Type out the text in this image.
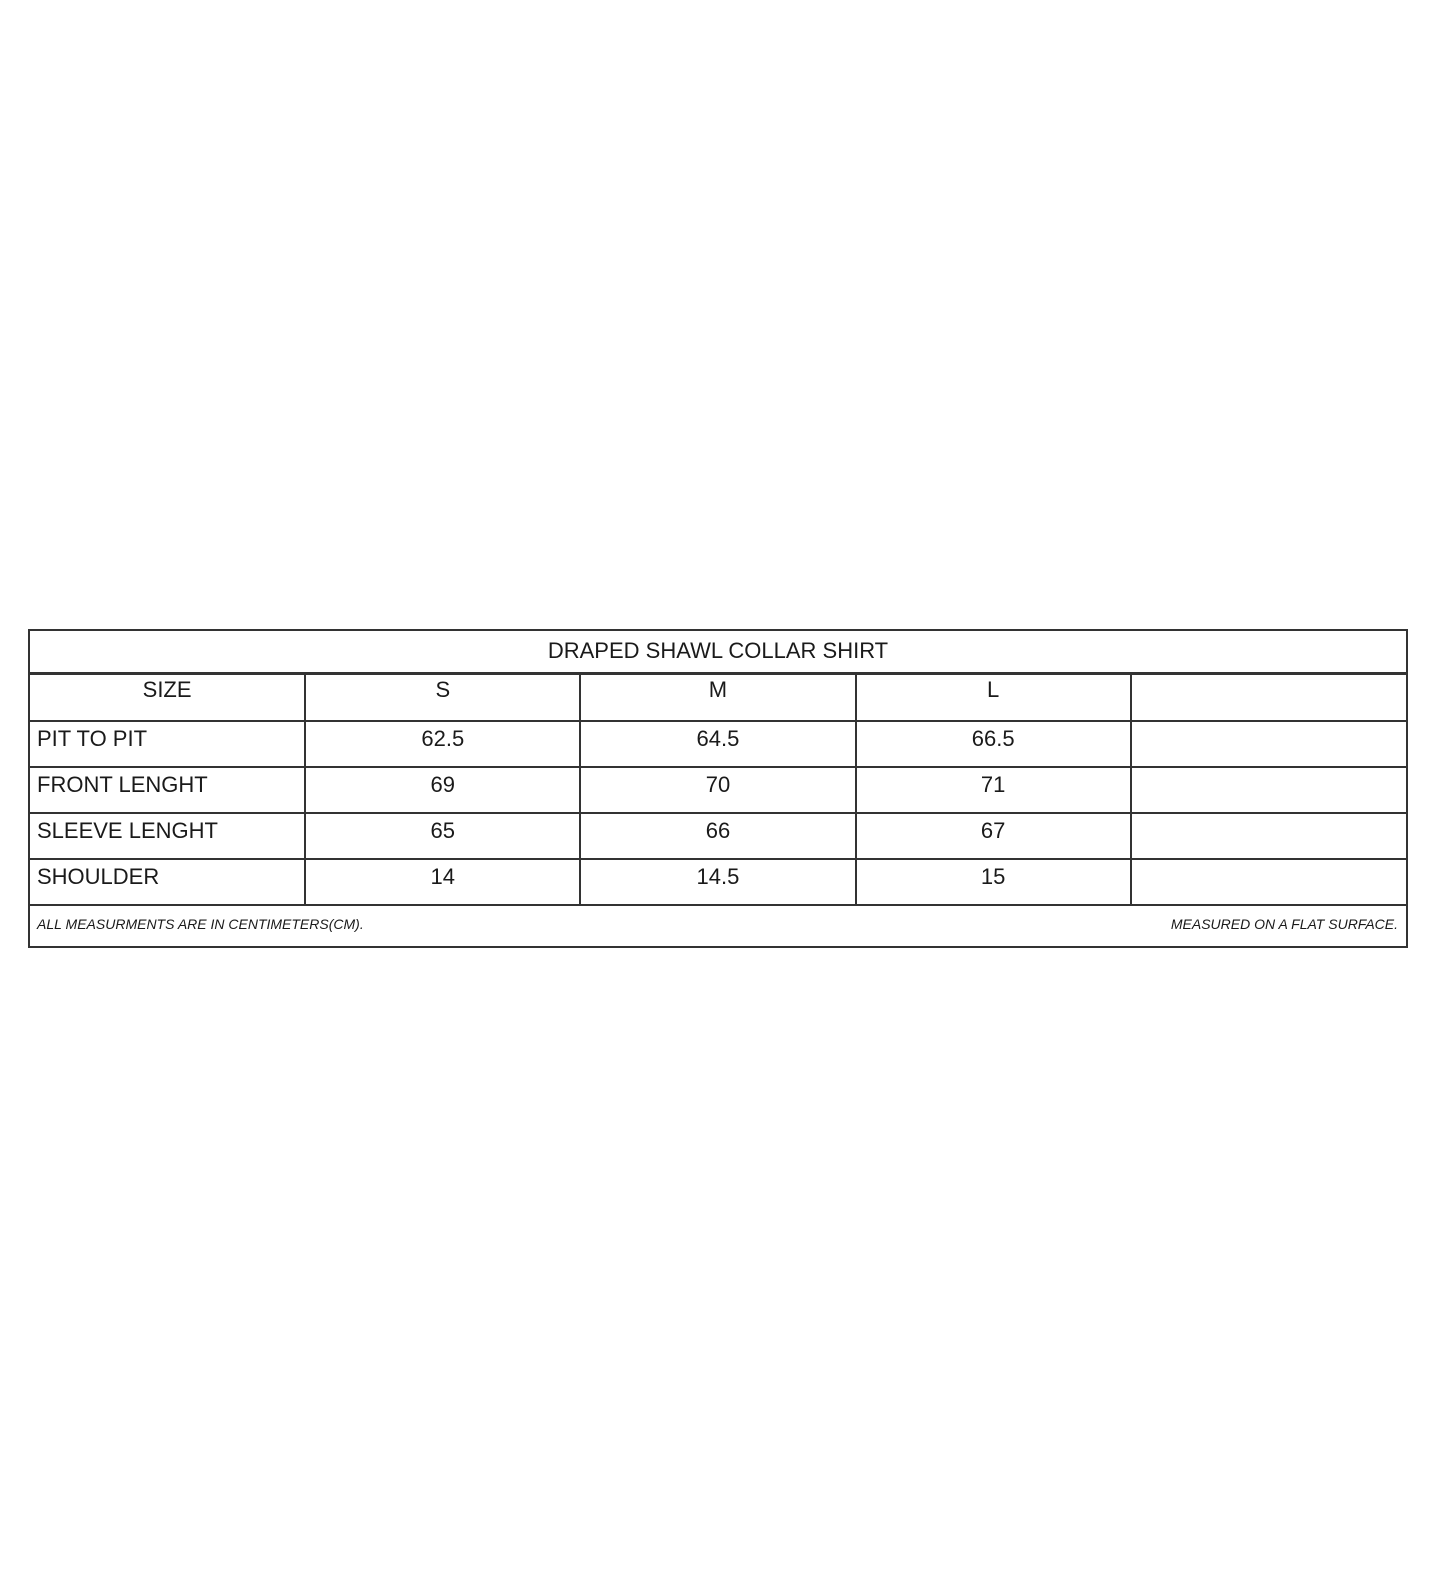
DRAPED SHAWL COLLAR SHIRT
SIZE	S	M	L	
PIT TO PIT	62.5	64.5	66.5	
FRONT LENGHT	69	70	71	
SLEEVE LENGHT	65	66	67	
SHOULDER	14	14.5	15	
ALL MEASURMENTS ARE IN CENTIMETERS(CM).	MEASURED ON A FLAT SURFACE.
